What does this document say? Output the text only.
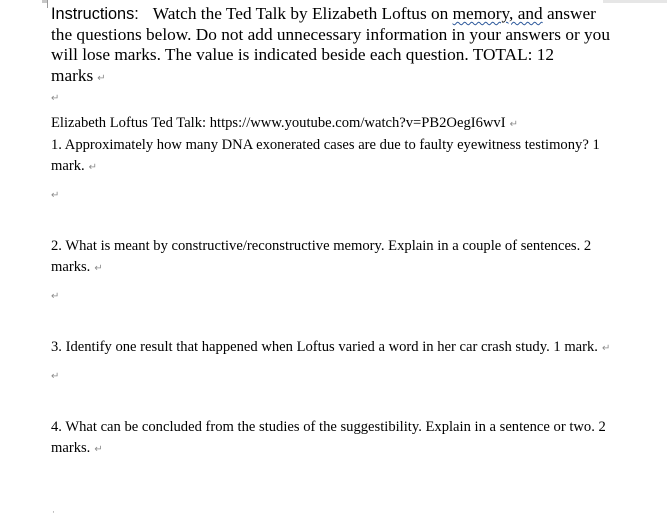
Instructions: Watch the Ted Talk by Elizabeth Loftus on memory, and answer the questions below. Do not add unnecessary information in your answers or you will lose marks. The value is indicated beside each question. TOTAL: 12 marks ↵

↵

Elizabeth Loftus Ted Talk: https://www.youtube.com/watch?v=PB2OegI6wvI ↵

1. Approximately how many DNA exonerated cases are due to faulty eyewitness testimony? 1 mark. ↵

↵

2. What is meant by constructive/reconstructive memory. Explain in a couple of sentences. 2 marks. ↵

↵

3. Identify one result that happened when Loftus varied a word in her car crash study. 1 mark. ↵

↵

4. What can be concluded from the studies of the suggestibility. Explain in a sentence or two. 2 marks. ↵

·
